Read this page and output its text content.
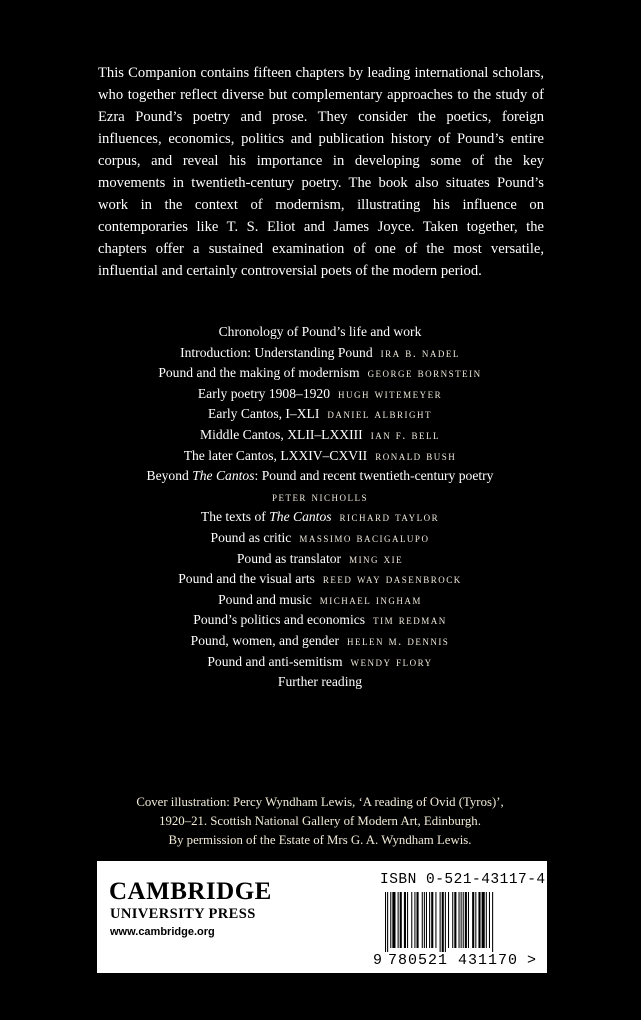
This Companion contains fifteen chapters by leading international scholars, who together reflect diverse but complementary approaches to the study of Ezra Pound’s poetry and prose. They consider the poetics, foreign influences, economics, politics and publication history of Pound’s entire corpus, and reveal his importance in developing some of the key movements in twentieth-century poetry. The book also situates Pound’s work in the context of modernism, illustrating his influence on contemporaries like T. S. Eliot and James Joyce. Taken together, the chapters offer a sustained examination of one of the most versatile, influential and certainly controversial poets of the modern period.

Chronology of Pound’s life and work
Introduction: Understanding Pound ira b. nadel
Pound and the making of modernism george bornstein
Early poetry 1908–1920 hugh witemeyer
Early Cantos, I–XLI daniel albright
Middle Cantos, XLII–LXXIII ian f. bell
The later Cantos, LXXIV–CXVII ronald bush
Beyond The Cantos: Pound and recent twentieth-century poetry
peter nicholls
The texts of The Cantos richard taylor
Pound as critic massimo bacigalupo
Pound as translator ming xie
Pound and the visual arts reed way dasenbrock
Pound and music michael ingham
Pound’s politics and economics tim redman
Pound, women, and gender helen m. dennis
Pound and anti-semitism wendy flory
Further reading
Cover illustration: Percy Wyndham Lewis, ‘A reading of Ovid (Tyros)’,
1920–21. Scottish National Gallery of Modern Art, Edinburgh.
By permission of the Estate of Mrs G. A. Wyndham Lewis.
CAMBRIDGE
UNIVERSITY PRESS
www.cambridge.org
ISBN 0-521-43117-4
9 780521 431170 >
